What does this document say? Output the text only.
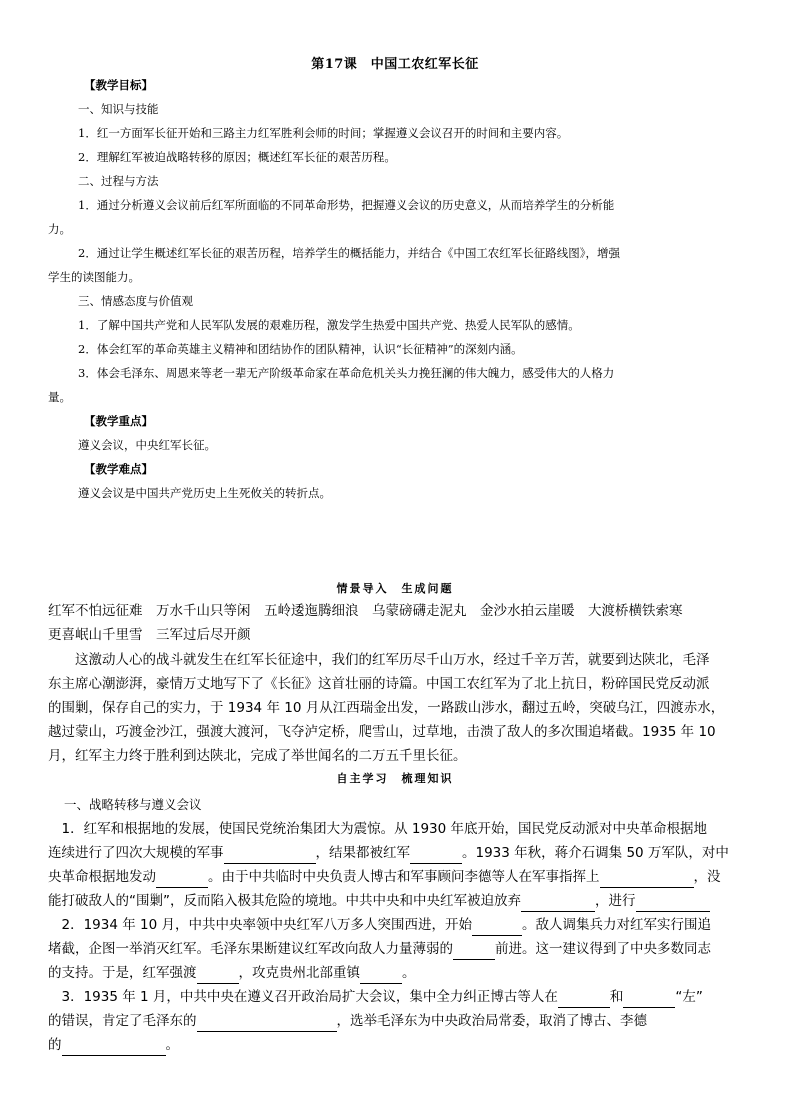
第17课　中国工农红军长征
【教学目标】
一、知识与技能
1．红一方面军长征开始和三路主力红军胜利会师的时间；掌握遵义会议召开的时间和主要内容。
2．理解红军被迫战略转移的原因；概述红军长征的艰苦历程。
二、过程与方法
1．通过分析遵义会议前后红军所面临的不同革命形势，把握遵义会议的历史意义，从而培养学生的分析能
力。
2．通过让学生概述红军长征的艰苦历程，培养学生的概括能力，并结合《中国工农红军长征路线图》，增强
学生的读图能力。
三、情感态度与价值观
1．了解中国共产党和人民军队发展的艰难历程，激发学生热爱中国共产党、热爱人民军队的感情。
2．体会红军的革命英雄主义精神和团结协作的团队精神，认识“长征精神”的深刻内涵。
3．体会毛泽东、周恩来等老一辈无产阶级革命家在革命危机关头力挽狂澜的伟大魄力，感受伟大的人格力
量。
【教学重点】
遵义会议，中央红军长征。
【教学难点】
遵义会议是中国共产党历史上生死攸关的转折点。
情景导入　生成问题
红军不怕远征难　万水千山只等闲　五岭逶迤腾细浪　乌蒙磅礴走泥丸　金沙水拍云崖暖　大渡桥横铁索寒
更喜岷山千里雪　三军过后尽开颜
　　这激动人心的战斗就发生在红军长征途中，我们的红军历尽千山万水，经过千辛万苦，就要到达陕北，毛泽
东主席心潮澎湃，豪情万丈地写下了《长征》这首壮丽的诗篇。中国工农红军为了北上抗日，粉碎国民党反动派
的围剿，保存自己的实力，于 1934 年 10 月从江西瑞金出发，一路跋山涉水，翻过五岭，突破乌江，四渡赤水，
越过蒙山，巧渡金沙江，强渡大渡河，飞夺泸定桥，爬雪山，过草地，击溃了敌人的多次围追堵截。1935 年 10
月，红军主力终于胜利到达陕北，完成了举世闻名的二万五千里长征。
自主学习　梳理知识
一、战略转移与遵义会议
　1．红军和根据地的发展，使国民党统治集团大为震惊。从 1930 年底开始，国民党反动派对中央革命根据地
连续进行了四次大规模的军事	，结果都被红军	。1933 年秋，蒋介石调集 50 万军队，对中
央革命根据地发动	。由于中共临时中央负责人博古和军事顾问李德等人在军事指挥上	，没
能打破敌人的“围剿”，反而陷入极其危险的境地。中共中央和中央红军被迫放弃	，进行
　2．1934 年 10 月，中共中央率领中央红军八万多人突围西进，开始	。敌人调集兵力对红军实行围追
堵截，企图一举消灭红军。毛泽东果断建议红军改向敌人力量薄弱的	前进。这一建议得到了中央多数同志
的支持。于是，红军强渡	，攻克贵州北部重镇	。
　3．1935 年 1 月，中共中央在遵义召开政治局扩大会议，集中全力纠正博古等人在	和	“左”
的错误，肯定了毛泽东的	，选举毛泽东为中央政治局常委，取消了博古、李德
的	。
